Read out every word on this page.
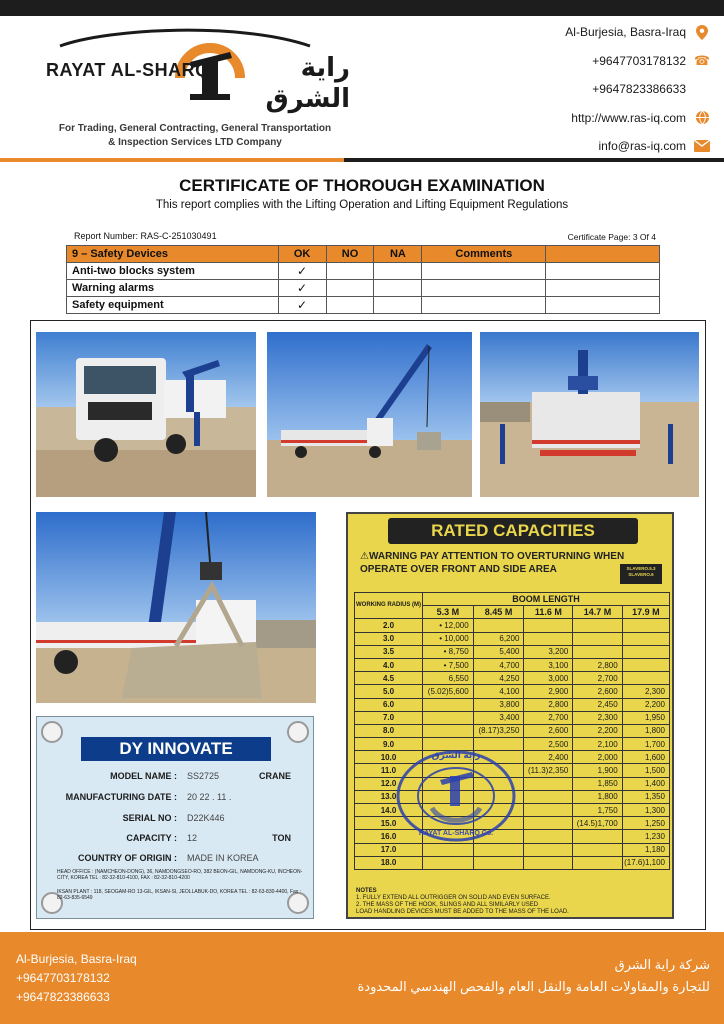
RAYAT AL-SHARQ	راية الشرق
For Trading, General Contracting, General Transportation
& Inspection Services LTD Company
Al-Burjesia, Basra-Iraq
+9647703178132 ☎
+9647823386633
http://www.ras-iq.com
info@ras-iq.com
CERTIFICATE OF THOROUGH EXAMINATION
This report complies with the Lifting Operation and Lifting Equipment Regulations
Report Number: RAS-C-251030491	Certificate Page: 3 Of 4
9 – Safety Devices	OK	NO	NA	Comments	
Anti-two blocks system	✓				
Warning alarms	✓				
Safety equipment	✓				
RATED CAPACITIES
⚠WARNING PAY ATTENTION TO OVERTURNING WHEN OPERATE OVER FRONT AND SIDE AREA	SLAVERO.5.3 SLAVERO.6
WORKING RADIUS (M)	BOOM LENGTH				
	5.3 M	8.45 M	11.6 M	14.7 M	17.9 M
2.0	• 12,000				
3.0	• 10,000	6,200			
3.5	• 8,750	5,400	3,200		
4.0	• 7,500	4,700	3,100	2,800	
4.5	6,550	4,250	3,000	2,700	
5.0	(5.02)5,600	4,100	2,900	2,600	2,300
6.0		3,800	2,800	2,450	2,200
7.0		3,400	2,700	2,300	1,950
8.0		(8.17)3,250	2,600	2,200	1,800
9.0			2,500	2,100	1,700
10.0			2,400	2,000	1,600
11.0			(11.3)2,350	1,900	1,500
12.0				1,850	1,400
13.0				1,800	1,350
14.0				1,750	1,300
15.0				(14.5)1,700	1,250
16.0					1,230
17.0					1,180
18.0					(17.6)1,100
NOTES
1. FULLY EXTEND ALL OUTRIGGER ON SOLID AND EVEN SURFACE.
2. THE MASS OF THE HOOK, SLINGS AND ALL SIMILARLY USED
LOAD HANDLING DEVICES MUST BE ADDED TO THE MASS OF THE LOAD.
راية الشرق
RAYAT AL-SHARQ Co.
DY INNOVATE
MODEL NAME : SS2725	CRANE
MANUFACTURING DATE : 20 22 . 11 .
SERIAL NO : D22K446
CAPACITY : 12	TON
COUNTRY OF ORIGIN : MADE IN KOREA
HEAD OFFICE : (NAMCHEON-DONG), 36, NAMDONGSEO-RO, 382 BEON-GIL, NAMDONG-KU, INCHEON-CITY, KOREA TEL : 82-32-810-4100, FAX : 82-32-810-4200
IKSAN PLANT : 118, SEOGAM-RO 13-GIL, IKSAN-SI, JEOLLABUK-DO, KOREA TEL : 82-63-830-4400, Fax : 82-63-835-6549
Al-Burjesia, Basra-Iraq
+9647703178132
+9647823386633
شركة راية الشرق
للتجارة والمقاولات العامة والنقل العام والفحص الهندسي المحدودة
